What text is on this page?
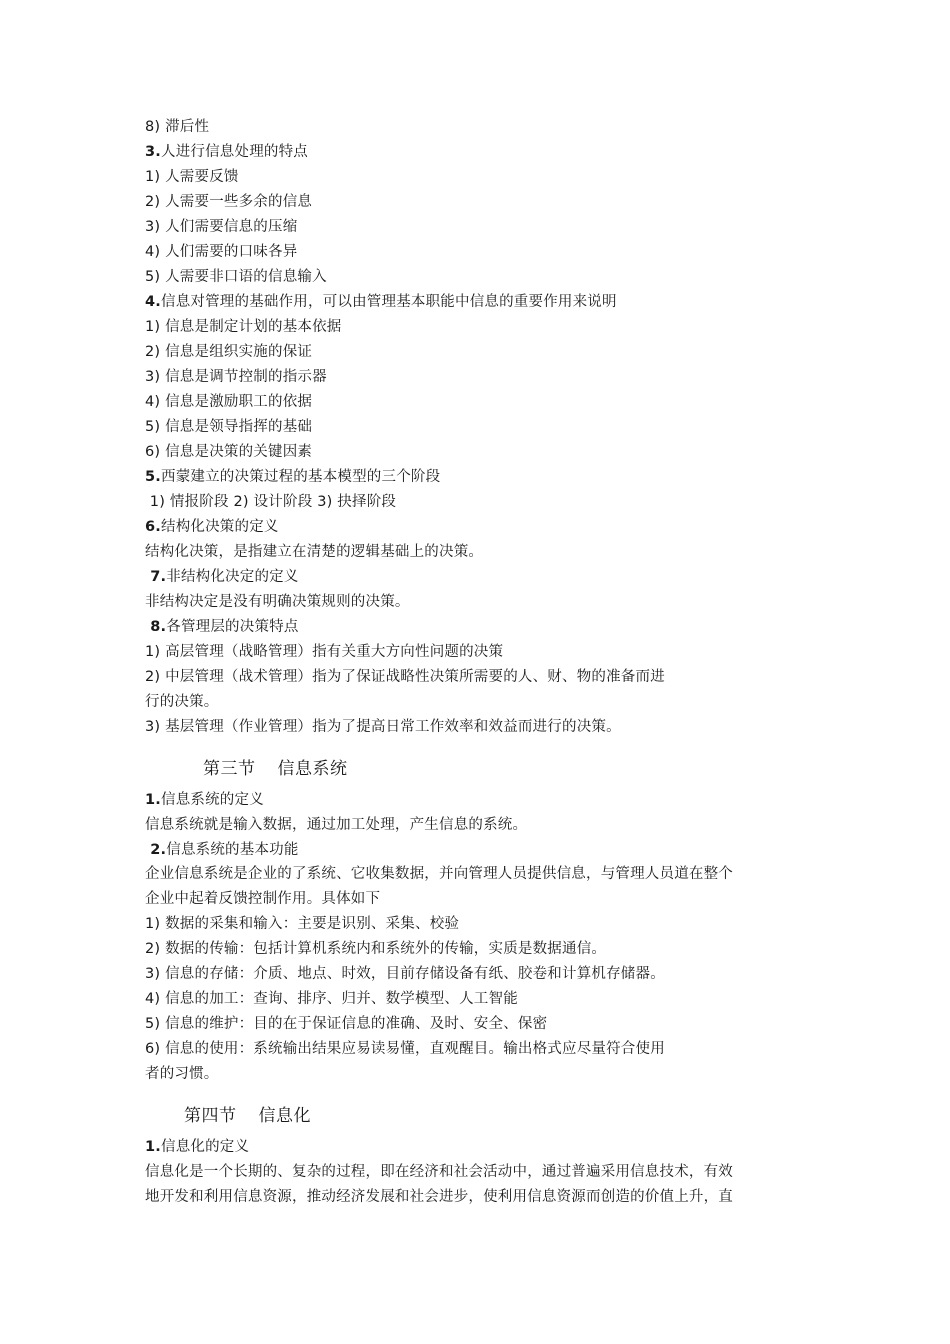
8) 滞后性
3.人进行信息处理的特点
1) 人需要反馈
2) 人需要一些多余的信息
3) 人们需要信息的压缩
4) 人们需要的口味各异
5) 人需要非口语的信息输入
4.信息对管理的基础作用，可以由管理基本职能中信息的重要作用来说明
1) 信息是制定计划的基本依据
2) 信息是组织实施的保证
3) 信息是调节控制的指示器
4) 信息是激励职工的依据
5) 信息是领导指挥的基础
6) 信息是决策的关键因素
5.西蒙建立的决策过程的基本模型的三个阶段
1) 情报阶段 2) 设计阶段 3) 抉择阶段
6.结构化决策的定义
结构化决策，是指建立在清楚的逻辑基础上的决策。
7.非结构化决定的定义
非结构决定是没有明确决策规则的决策。
8.各管理层的决策特点
1) 高层管理（战略管理）指有关重大方向性问题的决策
2) 中层管理（战术管理）指为了保证战略性决策所需要的人、财、物的准备而进
行的决策。
3) 基层管理（作业管理）指为了提高日常工作效率和效益而进行的决策。
第三节 信息系统
1.信息系统的定义
信息系统就是输入数据，通过加工处理，产生信息的系统。
2.信息系统的基本功能
企业信息系统是企业的了系统、它收集数据，并向管理人员提供信息，与管理人员道在整个
企业中起着反馈控制作用。具体如下
1) 数据的采集和输入：主要是识别、采集、校验
2) 数据的传输：包括计算机系统内和系统外的传输，实质是数据通信。
3) 信息的存储：介质、地点、时效，目前存储设备有纸、胶卷和计算机存储器。
4) 信息的加工：查询、排序、归并、数学模型、人工智能
5) 信息的维护：目的在于保证信息的准确、及时、安全、保密
6) 信息的使用：系统输出结果应易读易懂，直观醒目。输出格式应尽量符合使用
者的习惯。
第四节 信息化
1.信息化的定义
信息化是一个长期的、复杂的过程，即在经济和社会活动中，通过普遍采用信息技术，有效
地开发和利用信息资源，推动经济发展和社会进步，使利用信息资源而创造的价值上升，直
